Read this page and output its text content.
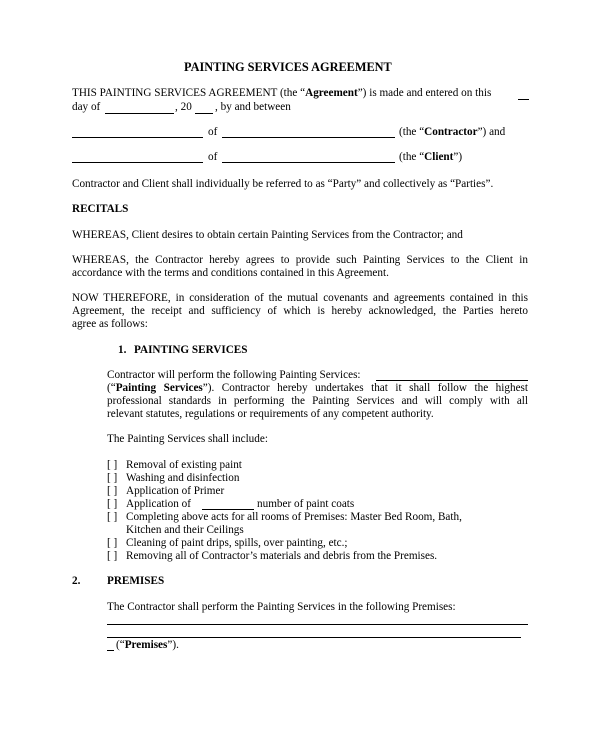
PAINTING SERVICES AGREEMENT
THIS PAINTING SERVICES AGREEMENT (the “Agreement”) is made and entered on this
day of	, 20 , by and between
of	(the “Contractor”) and
of	(the “Client”)
Contractor and Client shall individually be referred to as “Party” and collectively as “Parties”.
RECITALS
WHEREAS, Client desires to obtain certain Painting Services from the Contractor; and
WHEREAS, the Contractor hereby agrees to provide such Painting Services to the Client in
accordance with the terms and conditions contained in this Agreement.
NOW THEREFORE, in consideration of the mutual covenants and agreements contained in this
Agreement, the receipt and sufficiency of which is hereby acknowledged, the Parties hereto
agree as follows:
1. PAINTING SERVICES
Contractor will perform the following Painting Services:
(“Painting Services”). Contractor hereby undertakes that it shall follow the highest
professional standards in performing the Painting Services and will comply with all
relevant statutes, regulations or requirements of any competent authority.
The Painting Services shall include:
[ ] Removal of existing paint
[ ] Washing and disinfection
[ ] Application of Primer
[ ] Application of	number of paint coats
[ ] Completing above acts for all rooms of Premises: Master Bed Room, Bath,
Kitchen and their Ceilings
[ ] Cleaning of paint drips, spills, over painting, etc.;
[ ] Removing all of Contractor’s materials and debris from the Premises.
2. PREMISES
The Contractor shall perform the Painting Services in the following Premises:
(“Premises”).
